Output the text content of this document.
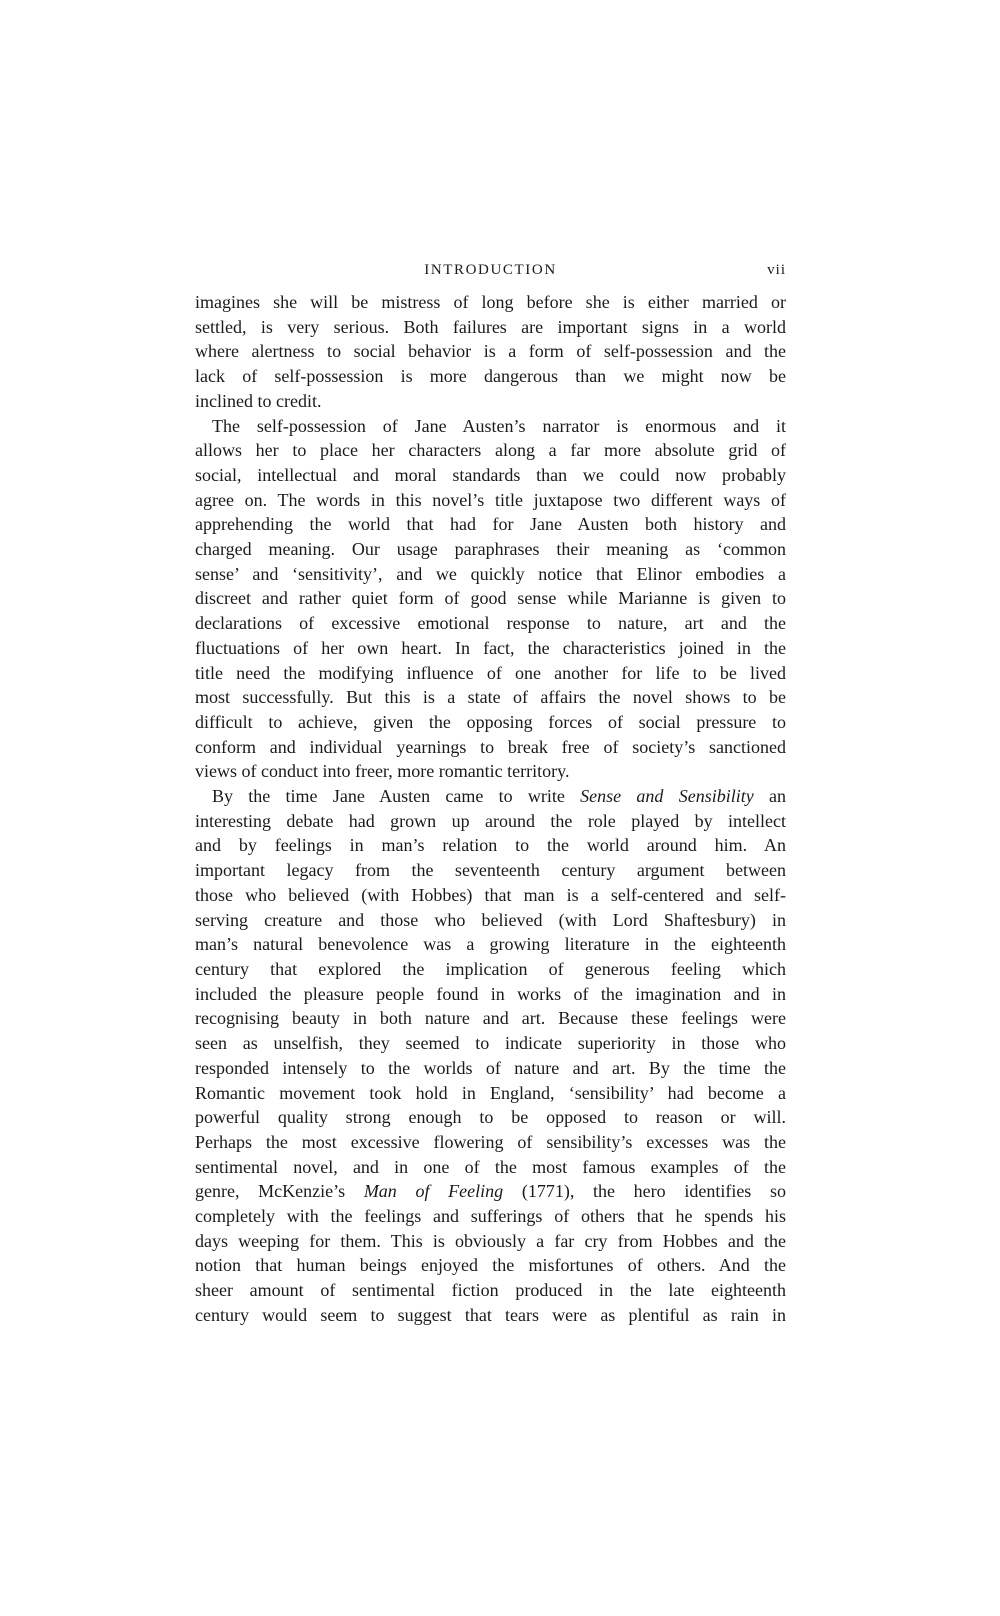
INTRODUCTION	vii

imagines she will be mistress of long before she is either married or
settled, is very serious. Both failures are important signs in a world
where alertness to social behavior is a form of self-possession and the
lack of self-possession is more dangerous than we might now be
inclined to credit.

The self-possession of Jane Austen’s narrator is enormous and it
allows her to place her characters along a far more absolute grid of
social, intellectual and moral standards than we could now probably
agree on. The words in this novel’s title juxtapose two different ways of
apprehending the world that had for Jane Austen both history and
charged meaning. Our usage paraphrases their meaning as ‘common
sense’ and ‘sensitivity’, and we quickly notice that Elinor embodies a
discreet and rather quiet form of good sense while Marianne is given to
declarations of excessive emotional response to nature, art and the
fluctuations of her own heart. In fact, the characteristics joined in the
title need the modifying influence of one another for life to be lived
most successfully. But this is a state of affairs the novel shows to be
difficult to achieve, given the opposing forces of social pressure to
conform and individual yearnings to break free of society’s sanctioned
views of conduct into freer, more romantic territory.

By the time Jane Austen came to write Sense and Sensibility an
interesting debate had grown up around the role played by intellect
and by feelings in man’s relation to the world around him. An
important legacy from the seventeenth century argument between
those who believed (with Hobbes) that man is a self-centered and self-
serving creature and those who believed (with Lord Shaftesbury) in
man’s natural benevolence was a growing literature in the eighteenth
century that explored the implication of generous feeling which
included the pleasure people found in works of the imagination and in
recognising beauty in both nature and art. Because these feelings were
seen as unselfish, they seemed to indicate superiority in those who
responded intensely to the worlds of nature and art. By the time the
Romantic movement took hold in England, ‘sensibility’ had become a
powerful quality strong enough to be opposed to reason or will.
Perhaps the most excessive flowering of sensibility’s excesses was the
sentimental novel, and in one of the most famous examples of the
genre, McKenzie’s Man of Feeling (1771), the hero identifies so
completely with the feelings and sufferings of others that he spends his
days weeping for them. This is obviously a far cry from Hobbes and the
notion that human beings enjoyed the misfortunes of others. And the
sheer amount of sentimental fiction produced in the late eighteenth
century would seem to suggest that tears were as plentiful as rain in
